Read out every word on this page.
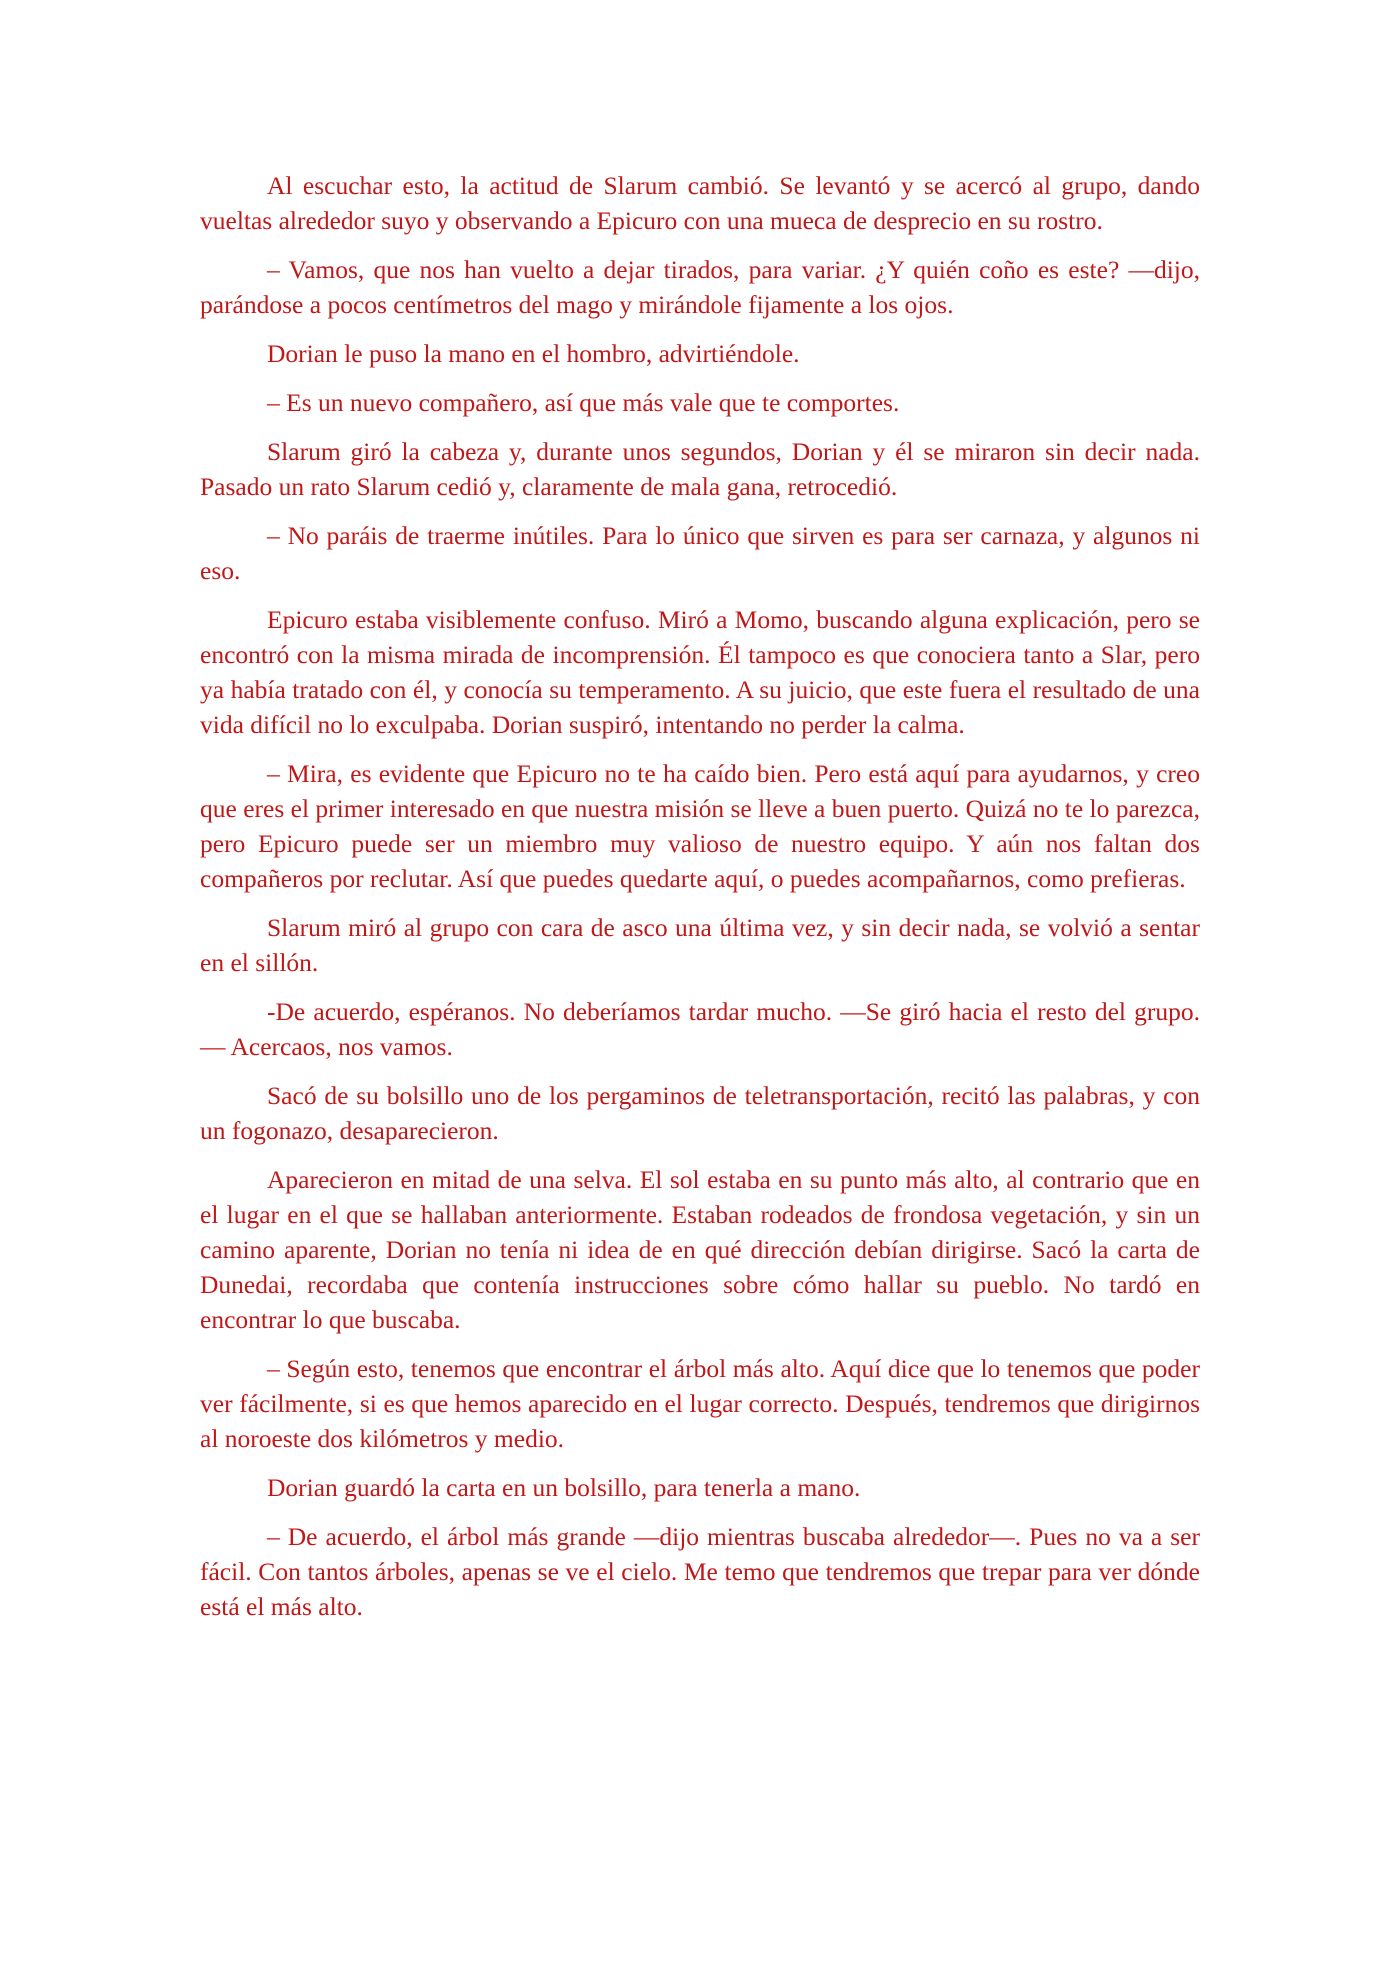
Al escuchar esto, la actitud de Slarum cambió. Se levantó y se acercó al grupo, dando vueltas alrededor suyo y observando a Epicuro con una mueca de desprecio en su rostro.

– Vamos, que nos han vuelto a dejar tirados, para variar. ¿Y quién coño es este? —dijo, parándose a pocos centímetros del mago y mirándole fijamente a los ojos.

Dorian le puso la mano en el hombro, advirtiéndole.

– Es un nuevo compañero, así que más vale que te comportes.

Slarum giró la cabeza y, durante unos segundos, Dorian y él se miraron sin decir nada. Pasado un rato Slarum cedió y, claramente de mala gana, retrocedió.

– No paráis de traerme inútiles. Para lo único que sirven es para ser carnaza, y algunos ni eso.

Epicuro estaba visiblemente confuso. Miró a Momo, buscando alguna explicación, pero se encontró con la misma mirada de incomprensión. Él tampoco es que conociera tanto a Slar, pero ya había tratado con él, y conocía su temperamento. A su juicio, que este fuera el resultado de una vida difícil no lo exculpaba. Dorian suspiró, intentando no perder la calma.

– Mira, es evidente que Epicuro no te ha caído bien. Pero está aquí para ayudarnos, y creo que eres el primer interesado en que nuestra misión se lleve a buen puerto. Quizá no te lo parezca, pero Epicuro puede ser un miembro muy valioso de nuestro equipo. Y aún nos faltan dos compañeros por reclutar. Así que puedes quedarte aquí, o puedes acompañarnos, como prefieras.

Slarum miró al grupo con cara de asco una última vez, y sin decir nada, se volvió a sentar en el sillón.

-De acuerdo, espéranos. No deberíamos tardar mucho. —Se giró hacia el resto del grupo. — Acercaos, nos vamos.

Sacó de su bolsillo uno de los pergaminos de teletransportación, recitó las palabras, y con un fogonazo, desaparecieron.

Aparecieron en mitad de una selva. El sol estaba en su punto más alto, al contrario que en el lugar en el que se hallaban anteriormente. Estaban rodeados de frondosa vegetación, y sin un camino aparente, Dorian no tenía ni idea de en qué dirección debían dirigirse. Sacó la carta de Dunedai, recordaba que contenía instrucciones sobre cómo hallar su pueblo. No tardó en encontrar lo que buscaba.

– Según esto, tenemos que encontrar el árbol más alto. Aquí dice que lo tenemos que poder ver fácilmente, si es que hemos aparecido en el lugar correcto. Después, tendremos que dirigirnos al noroeste dos kilómetros y medio.

Dorian guardó la carta en un bolsillo, para tenerla a mano.

– De acuerdo, el árbol más grande —dijo mientras buscaba alrededor—. Pues no va a ser fácil. Con tantos árboles, apenas se ve el cielo. Me temo que tendremos que trepar para ver dónde está el más alto.
